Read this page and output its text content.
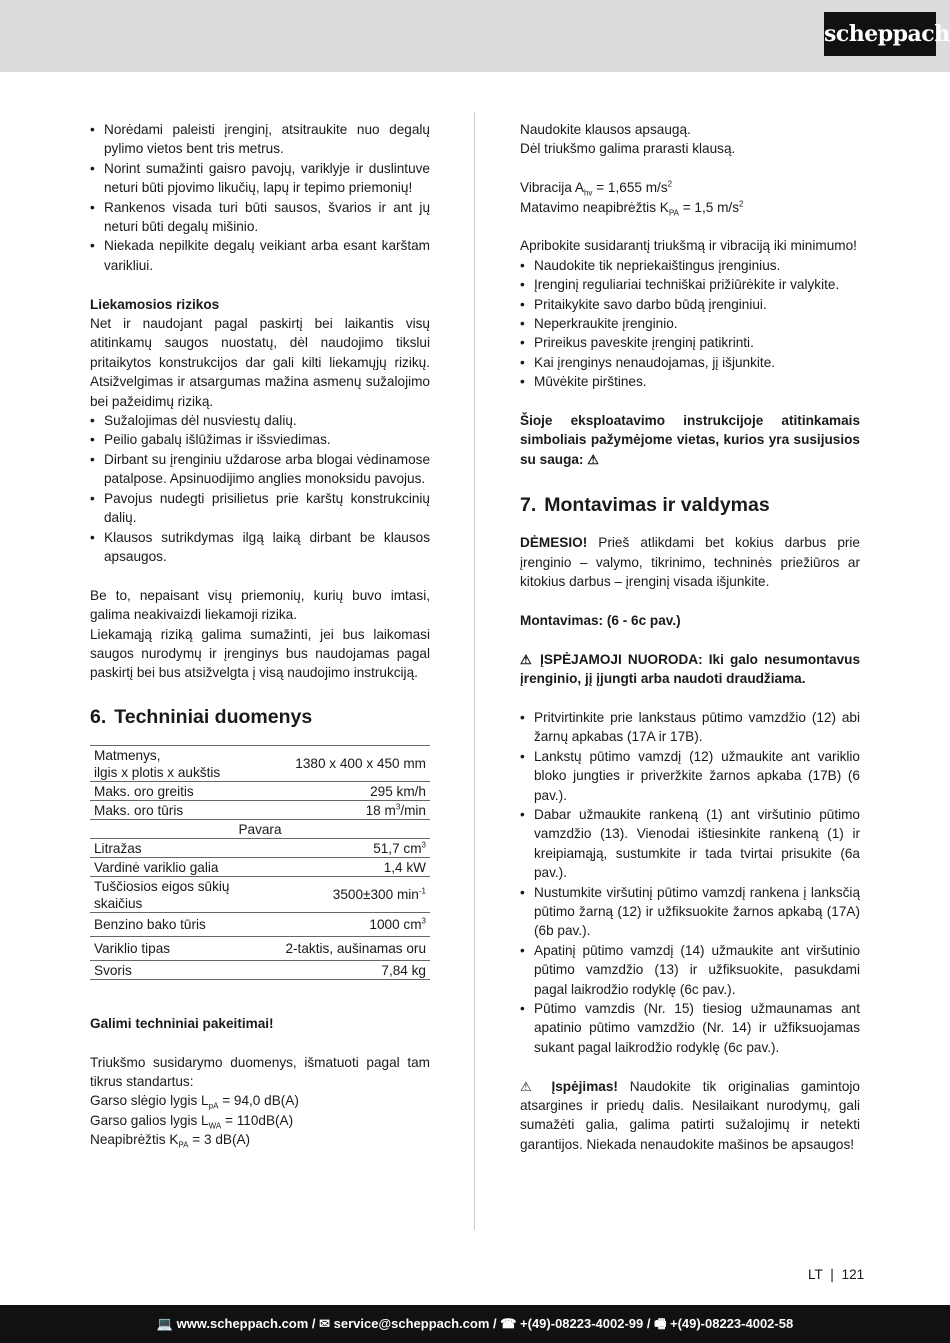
scheppach
• Norėdami paleisti įrenginį, atsitraukite nuo degalų pylimo vietos bent tris metrus.
• Norint sumažinti gaisro pavojų, variklyje ir duslintuve neturi būti pjovimo likučių, lapų ir tepimo priemonių!
• Rankenos visada turi būti sausos, švarios ir ant jų neturi būti degalų mišinio.
• Niekada nepilkite degalų veikiant arba esant karštam varikliui.

Liekamosios rizikos

Net ir naudojant pagal paskirtį bei laikantis visų atitinkamų saugos nuostatų, dėl naudojimo tikslui pritaikytos konstrukcijos dar gali kilti liekamųjų rizikų. Atsižvelgimas ir atsargumas mažina asmenų sužalojimo bei pažeidimų riziką.

• Sužalojimas dėl nusviestų dalių.
• Peilio gabalų išlūžimas ir išsviedimas.
• Dirbant su įrenginiu uždarose arba blogai vėdinamose patalpose. Apsinuodijimo anglies monoksidu pavojus.
• Pavojus nudegti prisilietus prie karštų konstrukcinių dalių.
• Klausos sutrikdymas ilgą laiką dirbant be klausos apsaugos.

Be to, nepaisant visų priemonių, kurių buvo imtasi, galima neakivaizdi liekamoji rizika.

Liekamąją riziką galima sumažinti, jei bus laikomasi saugos nurodymų ir įrenginys bus naudojamas pagal paskirtį bei bus atsižvelgta į visą naudojimo instrukciją.

6. Techniniai duomenys
Matmenys,
ilgis x plotis x aukštis	1380 x 400 x 450 mm
Maks. oro greitis	295 km/h
Maks. oro tūris	18 $m^3/\min$
Pavara	
Litražas	51,7 $cm^3$
Vardinė variklio galia	1,4 kW
Tuščiosios eigos sūkių
skaičius	3500±300 $\min^{-1}$
Benzino bako tūris	1000 $cm^3$
Variklio tipas	2-taktis, aušinamas oru
Svoris	7,84 kg

Galimi techniniai pakeitimai!

Triukšmo susidarymo duomenys, išmatuoti pagal tam tikrus standartus:

Garso slėgio lygis $L_{pA} = 94,0$ dB(A)

Garso galios lygis $L_{WA} = 110dB(A)$

Neapibrėžtis $K_{PA} = 3$ dB(A)

Naudokite klausos apsaugą.

Dėl triukšmo galima prarasti klausą.

Vibracija $A_{hv} = 1,655$ $m/s^2$

Matavimo neapibrėžtis $K_{PA} = 1,5$ $m/s^2$

Apribokite susidarantį triukšmą ir vibraciją iki minimumo!

• Naudokite tik nepriekaištingus įrenginius.
• Įrenginį reguliariai techniškai prižiūrėkite ir valykite.
• Pritaikykite savo darbo būdą įrenginiui.
• Neperkraukite įrenginio.
• Prireikus paveskite įrenginį patikrinti.
• Kai įrenginys nenaudojamas, jį išjunkite.
• Mūvėkite pirštines.

Šioje eksploatavimo instrukcijoje atitinkamais simboliais pažymėjome vietas, kurios yra susijusios su sauga: ⚠

7. Montavimas ir valdymas

DĖMESIO! Prieš atlikdami bet kokius darbus prie įrenginio – valymo, tikrinimo, techninės priežiūros ar kitokius darbus – įrenginį visada išjunkite.

Montavimas: (6 - 6c pav.)

⚠ ĮSPĖJAMOJI NUORODA: Iki galo nesumontavus įrenginio, jį įjungti arba naudoti draudžiama.

• Pritvirtinkite prie lankstaus pūtimo vamzdžio (12) abi žarnų apkabas (17A ir 17B).
• Lankstų pūtimo vamzdį (12) užmaukite ant variklio bloko jungties ir priveržkite žarnos apkaba (17B) (6 pav.).
• Dabar užmaukite rankeną (1) ant viršutinio pūtimo vamzdžio (13). Vienodai ištiesinkite rankeną (1) ir kreipiamąją, sustumkite ir tada tvirtai prisukite (6a pav.).
• Nustumkite viršutinį pūtimo vamzdį rankena į lanksčią pūtimo žarną (12) ir užfiksuokite žarnos apkabą (17A) (6b pav.).
• Apatinį pūtimo vamzdį (14) užmaukite ant viršutinio pūtimo vamzdžio (13) ir užfiksuokite, pasukdami pagal laikrodžio rodyklę (6c pav.).
• Pūtimo vamzdis (Nr. 15) tiesiog užmaunamas ant apatinio pūtimo vamzdžio (Nr. 14) ir užfiksuojamas sukant pagal laikrodžio rodyklę (6c pav.).

⚠ Įspėjimas! Naudokite tik originalias gamintojo atsargines ir priedų dalis. Nesilaikant nurodymų, gali sumažėti galia, galima patirti sužalojimų ir netekti garantijos. Niekada nenaudokite mašinos be apsaugos!

LT ❘ 121
💻 www.scheppach.com / ✉ service@scheppach.com / ☎ +(49)-08223-4002-99 / 🖷 +(49)-08223-4002-58
